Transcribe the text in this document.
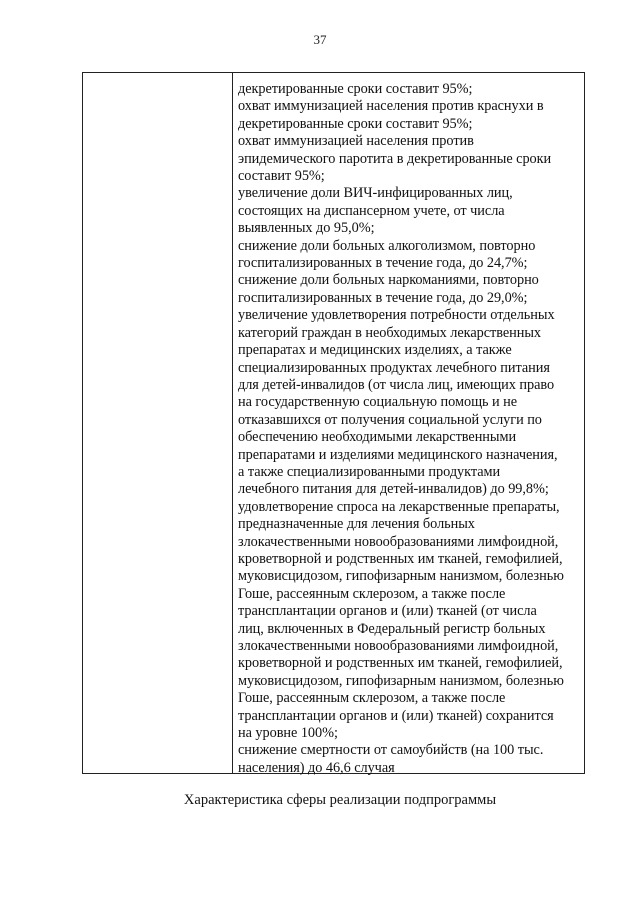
37
декретированные сроки составит 95%;
охват иммунизацией населения против краснухи в
декретированные сроки составит 95%;
охват иммунизацией населения против
эпидемического паротита в декретированные сроки
составит 95%;
увеличение доли ВИЧ-инфицированных лиц,
состоящих на диспансерном учете, от числа
выявленных до 95,0%;
снижение доли больных алкоголизмом, повторно
госпитализированных в течение года, до 24,7%;
снижение доли больных наркоманиями, повторно
госпитализированных в течение года, до 29,0%;
увеличение удовлетворения потребности отдельных
категорий граждан в необходимых лекарственных
препаратах и медицинских изделиях, а также
специализированных продуктах лечебного питания
для детей-инвалидов (от числа лиц, имеющих право
на государственную социальную помощь и не
отказавшихся от получения социальной услуги по
обеспечению необходимыми лекарственными
препаратами и изделиями медицинского назначения,
а также специализированными продуктами
лечебного питания для детей-инвалидов) до 99,8%;
удовлетворение спроса на лекарственные препараты,
предназначенные для лечения больных
злокачественными новообразованиями лимфоидной,
кроветворной и родственных им тканей, гемофилией,
муковисцидозом, гипофизарным нанизмом, болезнью
Гоше, рассеянным склерозом, а также после
трансплантации органов и (или) тканей (от числа
лиц, включенных в Федеральный регистр больных
злокачественными новообразованиями лимфоидной,
кроветворной и родственных им тканей, гемофилией,
муковисцидозом, гипофизарным нанизмом, болезнью
Гоше, рассеянным склерозом, а также после
трансплантации органов и (или) тканей) сохранится
на уровне 100%;
снижение смертности от самоубийств (на 100 тыс.
населения) до 46,6 случая
Характеристика сферы реализации подпрограммы
